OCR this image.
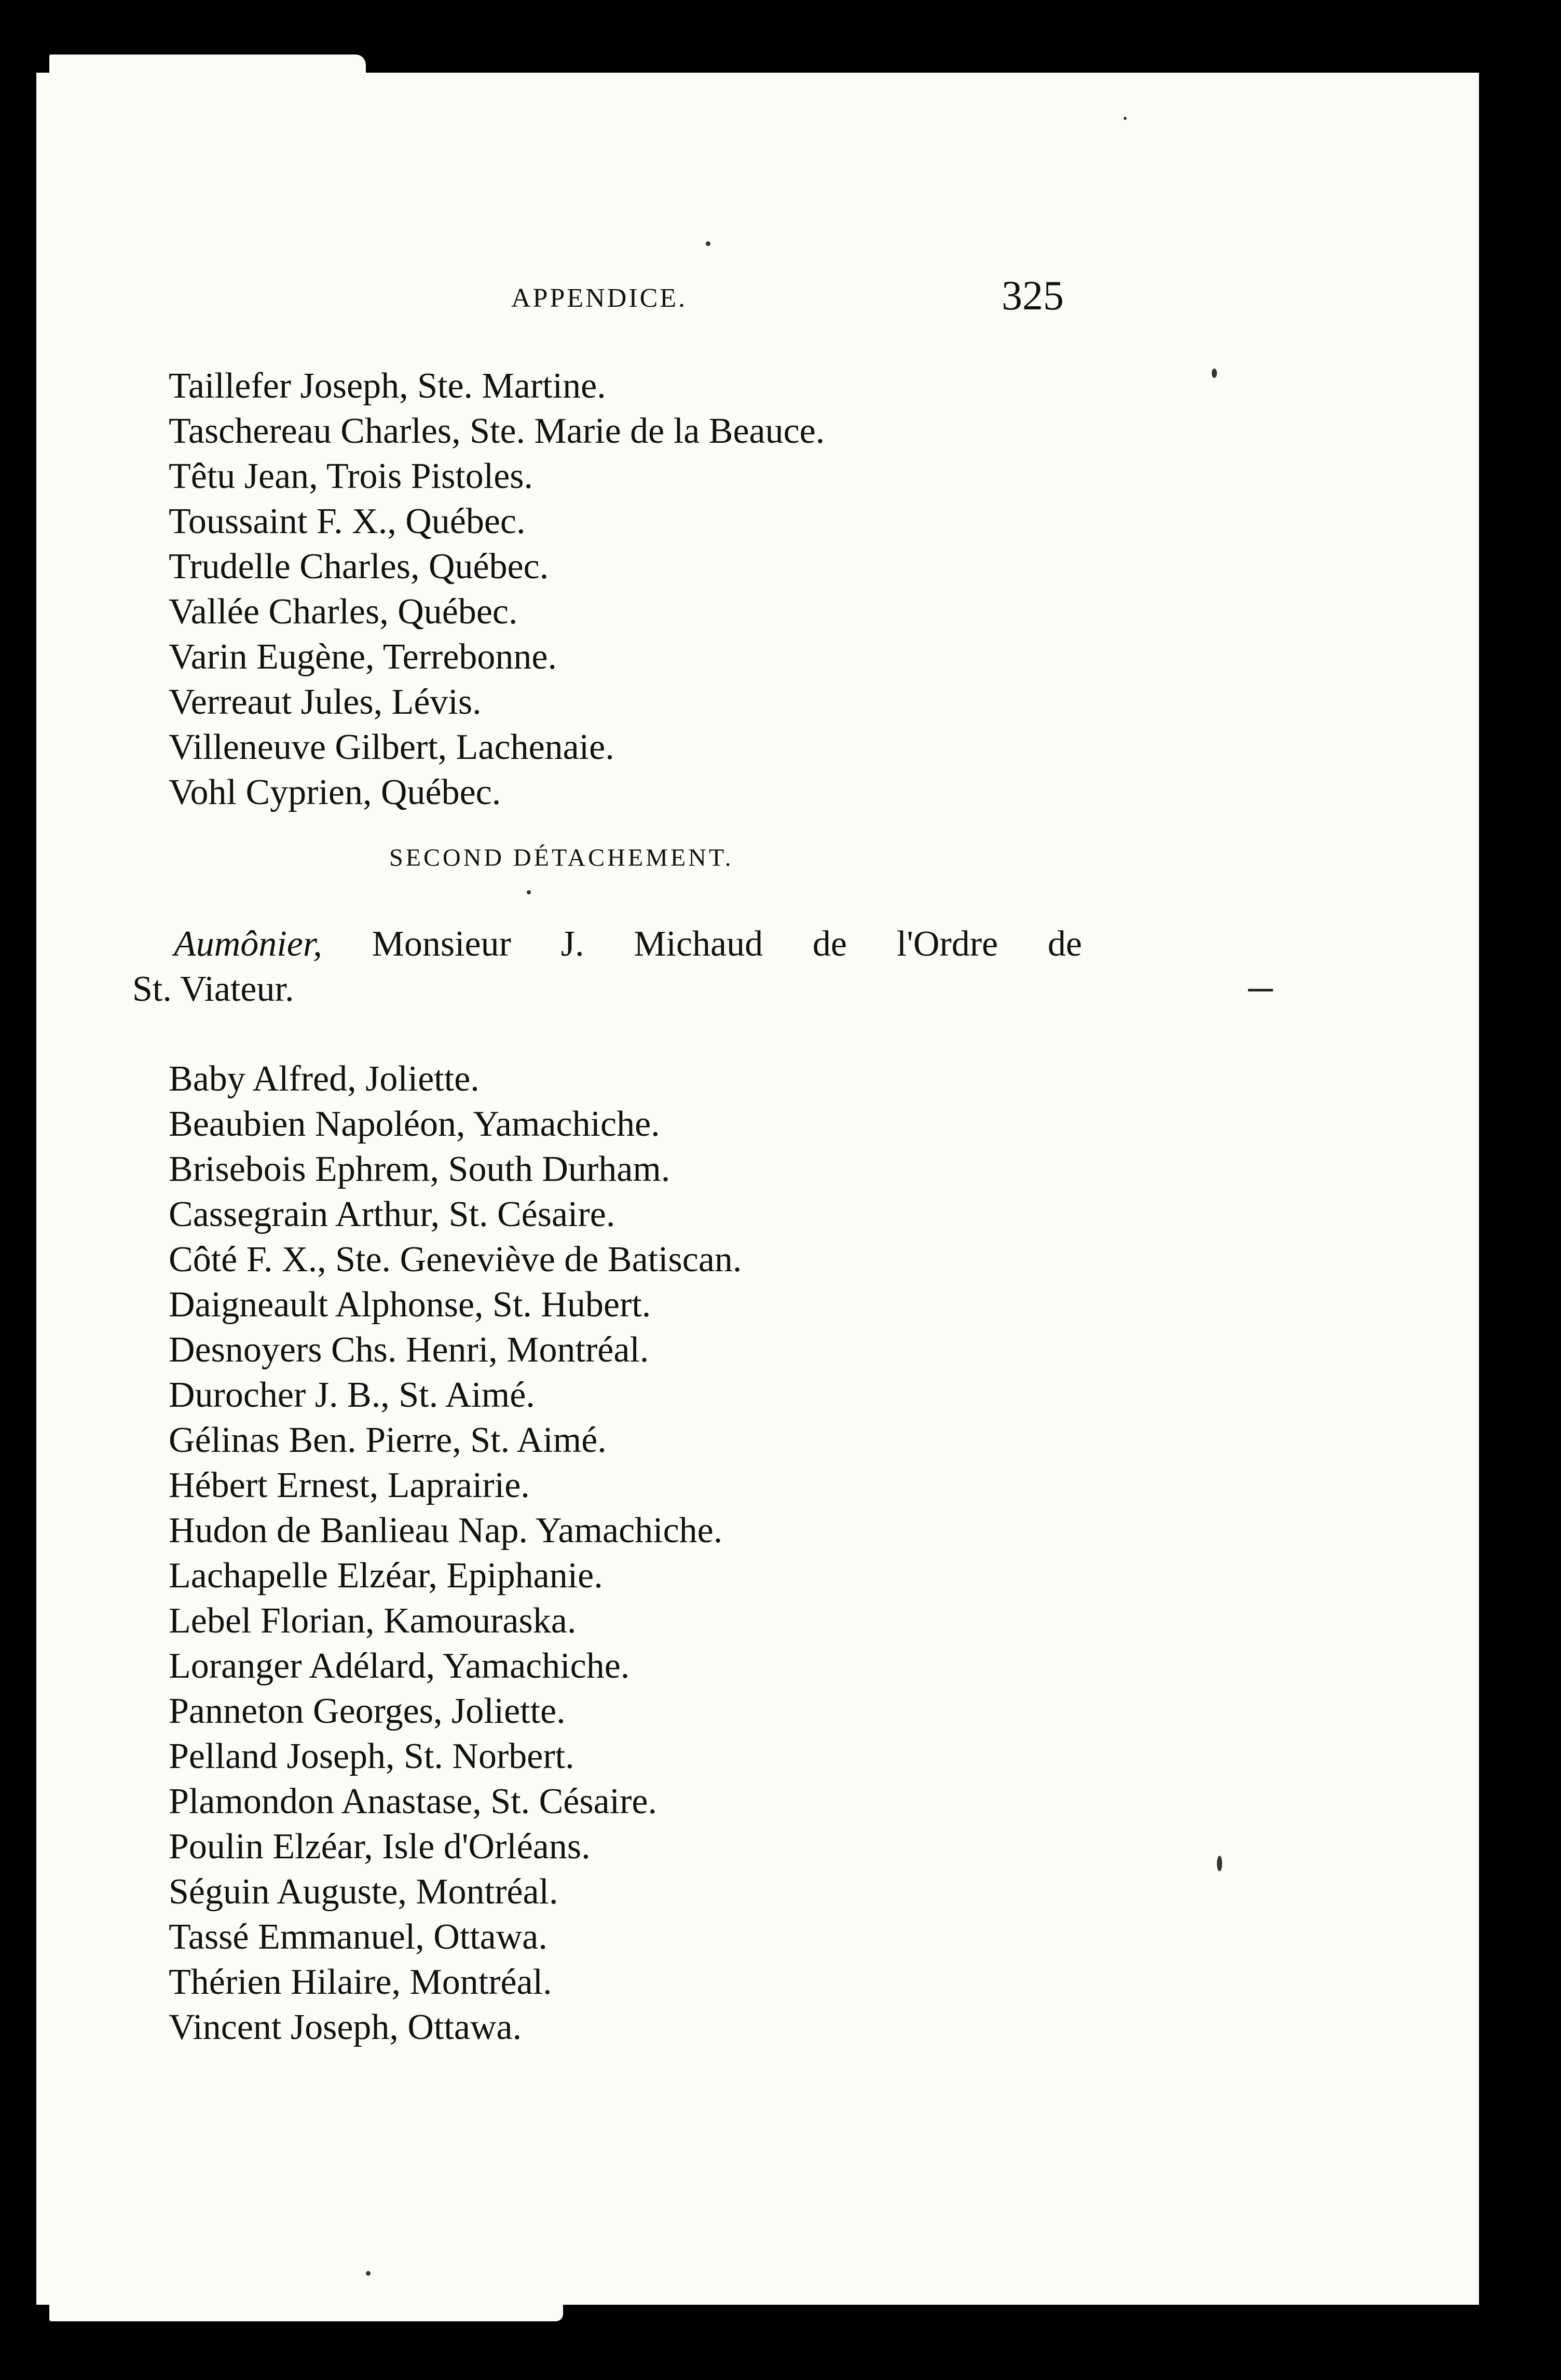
APPENDICE.	325
Taillefer Joseph, Ste. Martine.
Taschereau Charles, Ste. Marie de la Beauce.
Têtu Jean, Trois Pistoles.
Toussaint F. X., Québec.
Trudelle Charles, Québec.
Vallée Charles, Québec.
Varin Eugène, Terrebonne.
Verreaut Jules, Lévis.
Villeneuve Gilbert, Lachenaie.
Vohl Cyprien, Québec.
SECOND DÉTACHEMENT.
Aumônier, Monsieur J. Michaud de l'Ordre de
St. Viateur.
Baby Alfred, Joliette.
Beaubien Napoléon, Yamachiche.
Brisebois Ephrem, South Durham.
Cassegrain Arthur, St. Césaire.
Côté F. X., Ste. Geneviève de Batiscan.
Daigneault Alphonse, St. Hubert.
Desnoyers Chs. Henri, Montréal.
Durocher J. B., St. Aimé.
Gélinas Ben. Pierre, St. Aimé.
Hébert Ernest, Laprairie.
Hudon de Banlieau Nap. Yamachiche.
Lachapelle Elzéar, Epiphanie.
Lebel Florian, Kamouraska.
Loranger Adélard, Yamachiche.
Panneton Georges, Joliette.
Pelland Joseph, St. Norbert.
Plamondon Anastase, St. Césaire.
Poulin Elzéar, Isle d'Orléans.
Séguin Auguste, Montréal.
Tassé Emmanuel, Ottawa.
Thérien Hilaire, Montréal.
Vincent Joseph, Ottawa.
